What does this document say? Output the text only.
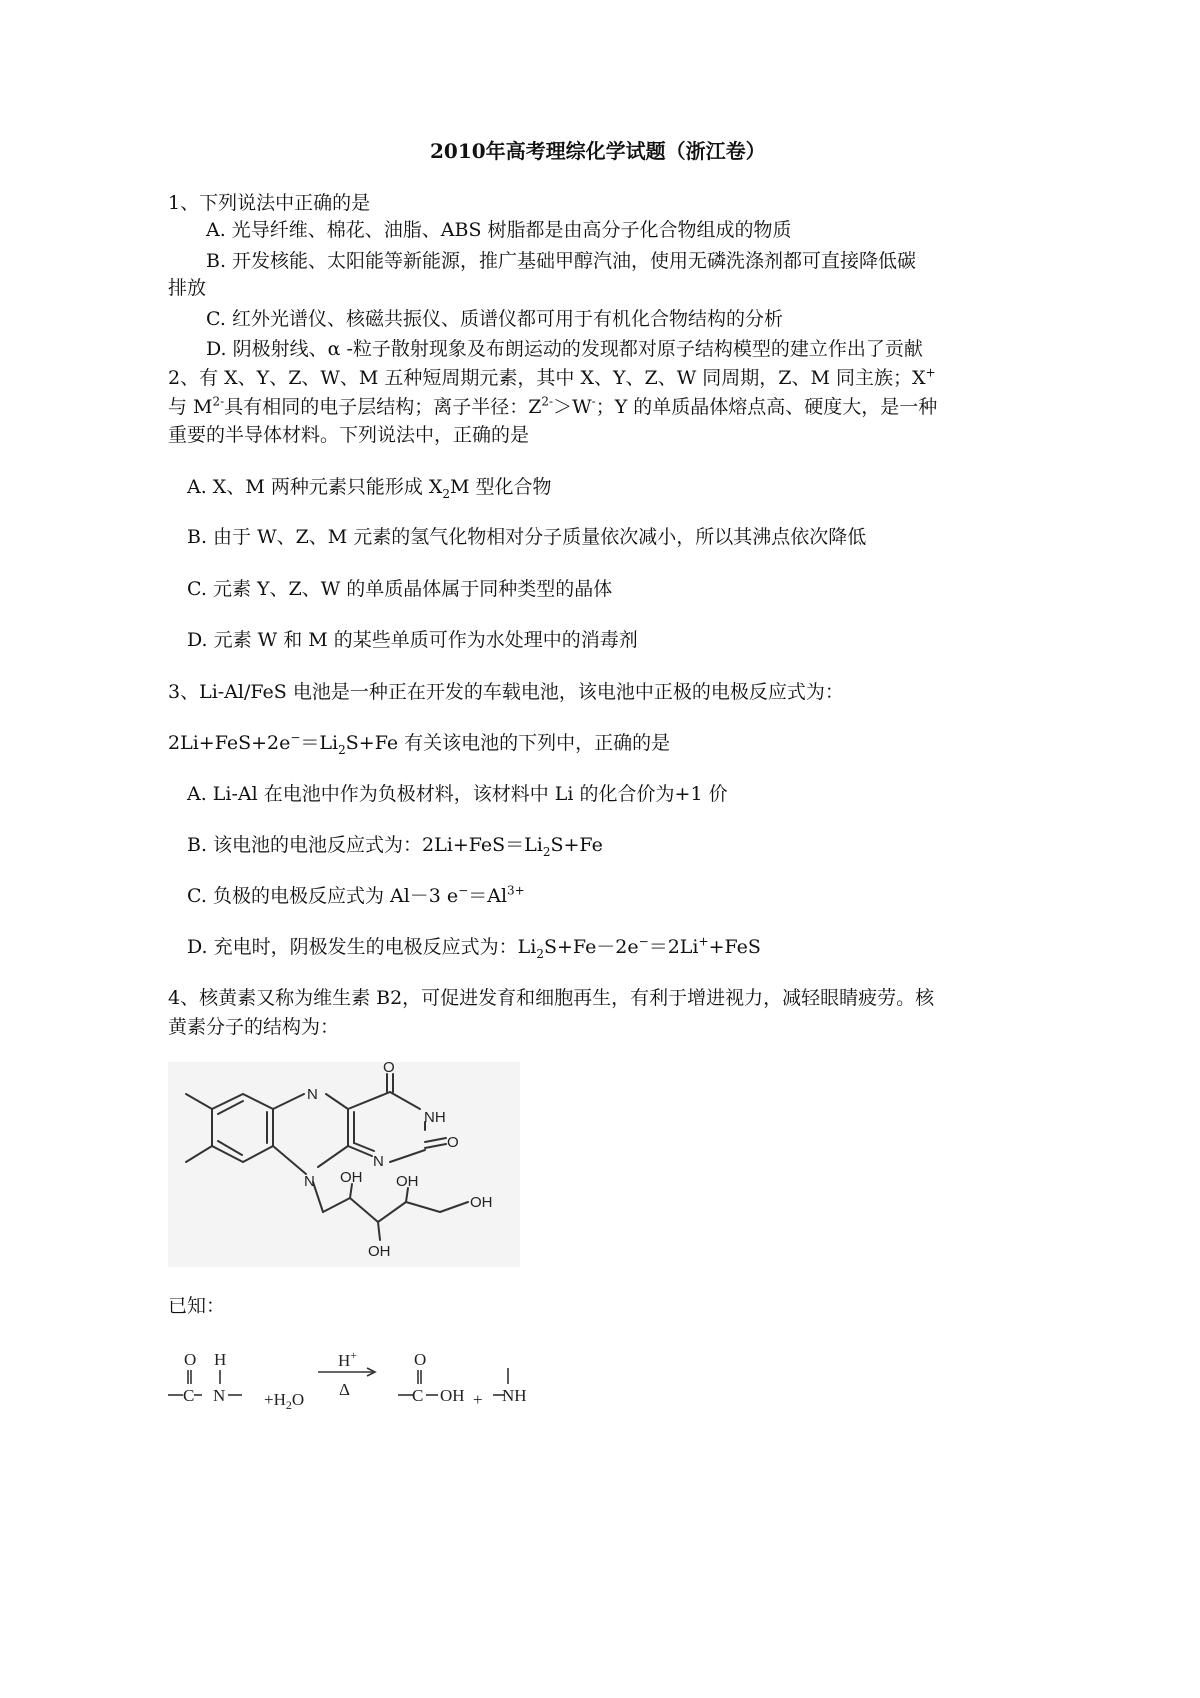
2010年高考理综化学试题（浙江卷）
1、下列说法中正确的是
A. 光导纤维、棉花、油脂、ABS 树脂都是由高分子化合物组成的物质
B. 开发核能、太阳能等新能源，推广基础甲醇汽油，使用无磷洗涤剂都可直接降低碳
排放
C. 红外光谱仪、核磁共振仪、质谱仪都可用于有机化合物结构的分析
D. 阴极射线、α -粒子散射现象及布朗运动的发现都对原子结构模型的建立作出了贡献
2、有 X、Y、Z、W、M 五种短周期元素，其中 X、Y、Z、W 同周期，Z、M 同主族；X+
与 $M^{2-}$具有相同的电子层结构；离子半径：$Z^{2-}>W^-$；Y 的单质晶体熔点高、硬度大，是一种
重要的半导体材料。下列说法中，正确的是
A. X、M 两种元素只能形成 $X_2M$ 型化合物
B. 由于 W、Z、M 元素的氢气化物相对分子质量依次减小，所以其沸点依次降低
C. 元素 Y、Z、W 的单质晶体属于同种类型的晶体
D. 元素 W 和 M 的某些单质可作为水处理中的消毒剂
3、Li-Al/FeS 电池是一种正在开发的车载电池，该电池中正极的电极反应式为：
$2Li+FeS+2e^-=Li_2S+Fe$ 有关该电池的下列中，正确的是
A. Li-Al 在电池中作为负极材料，该材料中 Li 的化合价为+1 价
B. 该电池的电池反应式为：$2Li+FeS=Li_2S+Fe$
C. 负极的电极反应式为 Al－3 $e^-=Al^{3+}$
D. 充电时，阴极发生的电极反应式为：$Li_2S+Fe-2e^-=2Li^++FeS$
4、核黄素又称为维生素 B2，可促进发育和细胞再生，有利于增进视力，减轻眼睛疲劳。核
黄素分子的结构为：
O
NH
O
N
N
N OH OH
OH
OH
已知：
O H
C $N +H_2O$
H+
Δ
O
C OH + NH
